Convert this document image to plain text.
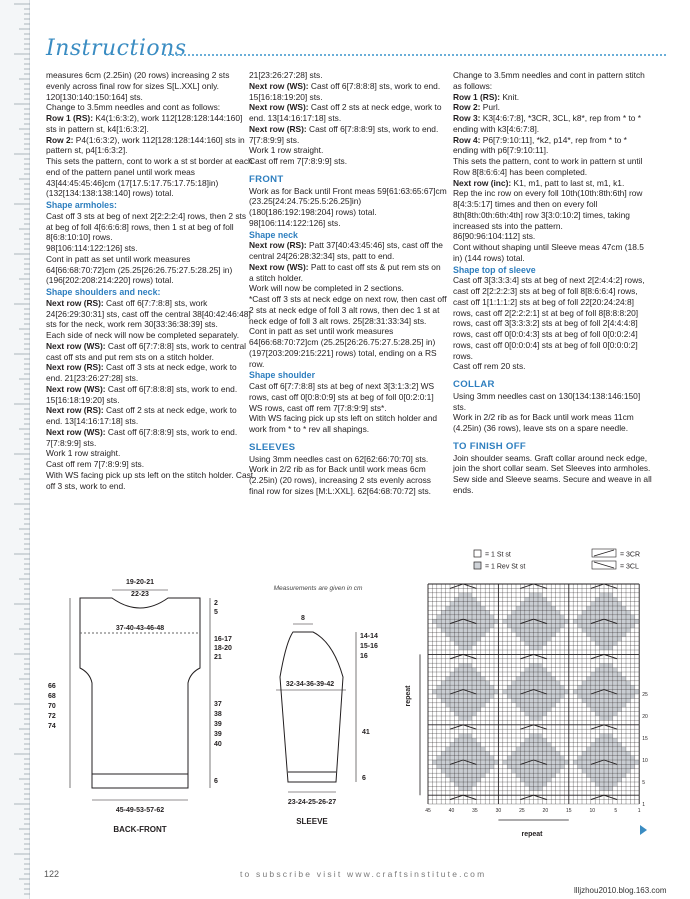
Instructions

measures 6cm (2.25in) (20 rows) increasing 2 sts evenly across final row for sizes S[L.XXL] only.

120[130:140:150:164] sts.

Change to 3.5mm needles and cont as follows:

Row 1 (RS): K4(1:6:3:2), work 112[128:128:144:160] sts in pattern st, k4[1:6:3:2].

Row 2: P4(1:6:3:2), work 112[128:128:144:160] sts in pattern st, p4[1:6:3:2].

This sets the pattern, cont to work a st st border at each end of the pattern panel until work meas 43[44:45:45:46]cm (17[17.5:17.75:17.75:18]in) (132[134:138:138:140] rows) total.

Shape armholes:

Cast off 3 sts at beg of next 2[2:2:2:4] rows, then 2 sts at beg of foll 4[6:6:6:8] rows, then 1 st at beg of foll 8[6:8:10:10] rows.

98[106:114:122:126] sts.

Cont in patt as set until work measures 64[66:68:70:72]cm (25.25[26:26.75:27.5:28.25] in) (196[202:208:214:220] rows) total.

Shape shoulders and neck:

Next row (RS): Cast off 6[7:7:8:8] sts, work 24[26:29:30:31] sts, cast off the central 38[40:42:46:48] sts for the neck, work rem 30[33:36:38:39] sts.

Each side of neck will now be completed separately.

Next row (WS): Cast off 6[7:7:8:8] sts, work to central cast off sts and put rem sts on a stitch holder.

Next row (RS): Cast off 3 sts at neck edge, work to end. 21[23:26:27:28] sts.

Next row (WS): Cast off 6[7:8:8:8] sts, work to end. 15[16:18:19:20] sts.

Next row (RS): Cast off 2 sts at neck edge, work to end. 13[14:16:17:18] sts.

Next row (WS): Cast off 6[7:8:8:9] sts, work to end. 7[7:8:9:9] sts.

Work 1 row straight.

Cast off rem 7[7:8:9:9] sts.

With WS facing pick up sts left on the stitch holder. Cast off 3 sts, work to end.

21[23:26:27:28] sts.

Next row (WS): Cast off 6[7:8:8:8] sts, work to end. 15[16:18:19:20] sts.

Next row (WS): Cast off 2 sts at neck edge, work to end. 13[14:16:17:18] sts.

Next row (RS): Cast off 6[7:8:8:9] sts, work to end. 7[7:8:9:9] sts.

Work 1 row straight.

Cast off rem 7[7:8:9:9] sts.

FRONT

Work as for Back until Front meas 59[61:63:65:67]cm (23.25[24:24.75:25.5:26.25]in) (180[186:192:198:204] rows) total.

98[106:114:122:126] sts.

Shape neck

Next row (RS): Patt 37[40:43:45:46] sts, cast off the central 24[26:28:32:34] sts, patt to end.

Next row (WS): Patt to cast off sts & put rem sts on a stitch holder.

Work will now be completed in 2 sections.

*Cast off 3 sts at neck edge on next row, then cast off 2 sts at neck edge of foll 3 alt rows, then dec 1 st at neck edge of foll 3 alt rows. 25[28:31:33:34] sts.

Cont in patt as set until work measures 64[66:68:70:72]cm (25.25[26:26.75:27.5:28.25] in) (197[203:209:215:221] rows) total, ending on a RS row.

Shape shoulder

Cast off 6[7:7:8:8] sts at beg of next 3[3:1:3:2] WS rows, cast off 0[0:8:0:9] sts at beg of foll 0[0:2:0:1] WS rows, cast off rem 7[7:8:9:9] sts*.

With WS facing pick up sts left on stitch holder and work from * to * rev all shapings.

SLEEVES

Using 3mm needles cast on 62[62:66:70:70] sts.

Work in 2/2 rib as for Back until work meas 6cm (2.25in) (20 rows), increasing 2 sts evenly across final row for sizes [M:L:XXL]. 62[64:68:70:72] sts.

Change to 3.5mm needles and cont in pattern stitch as follows:

Row 1 (RS): Knit.

Row 2: Purl.

Row 3: K3[4:6:7:8], *3CR, 3CL, k8*, rep from * to * ending with k3[4:6:7:8].

Row 4: P6[7:9:10:11], *k2, p14*, rep from * to * ending with p6[7:9:10:11].

This sets the pattern, cont to work in pattern st until Row 8[8:6:6:4] has been completed.

Next row (inc): K1, m1, patt to last st, m1, k1.

Rep the inc row on every foll 10th(10th:8th:6th] row 8[4:3:5:17] times and then on every foll 8th[8th:0th:6th:4th] row 3[3:0:10:2] times, taking increased sts into the pattern.

86[90:96:104:112] sts.

Cont without shaping until Sleeve meas 47cm (18.5 in) (144 rows) total.

Shape top of sleeve

Cast off 3[3:3:3:4] sts at beg of next 2[2:4:4:2] rows, cast off 2[2:2:2:3] sts at beg of foll 8[8:6:6:4] rows, cast off 1[1:1:1:2] sts at beg of foll 22[20:24:24:8] rows, cast off 2[2:2:2:1] st at beg of foll 8[8:8:8:20] rows, cast off 3[3:3:3:2] sts at beg of foll 2[4:4:4:8] rows, cast off 0[0:0:4:3] sts at beg of foll 0[0:0:2:4] rows, cast off 0[0:0:0:4] sts at beg of foll 0[0:0:0:2] rows.

Cast off rem 20 sts.

COLLAR

Using 3mm needles cast on 130[134:138:146:150] sts.

Work in 2/2 rib as for Back until work meas 11cm (4.25in) (36 rows), leave sts on a spare needle.

TO FINISH OFF

Join shoulder seams. Graft collar around neck edge, join the short collar seam. Set Sleeves into armholes. Sew side and Sleeve seams. Secure and weave in all ends.

19-20-21
22-23
37-40-43-46-48
45-49-53-57-62
BACK-FRONT
2
5
16-17
18-20
21
37
38
39
39
40
6
66
68
70
72
74
Measurements are given in cm
8
32-34-36-39-42
23-24-25-26-27
SLEEVE
14-14
15-16
16
41
6
= 1 St st
= 1 Rev St st
= 3CR
= 3CL
repeat
repeat
45	40	35	30	25	20	15	10	5	1
25
20
15
10
5
1
122	to subscribe visit www.craftsinstitute.com
llljzhou2010.blog.163.com
